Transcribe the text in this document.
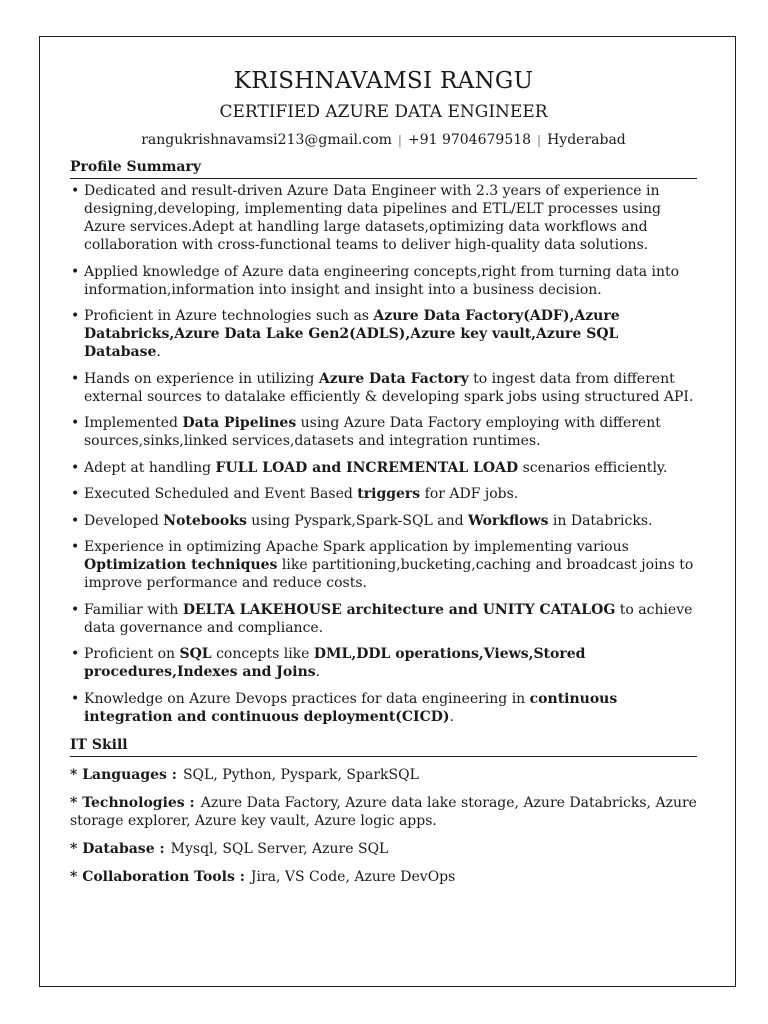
KRISHNAVAMSI RANGU
CERTIFIED AZURE DATA ENGINEER
rangukrishnavamsi213@gmail.com | +91 9704679518 | Hyderabad
Profile Summary
• Dedicated and result-driven Azure Data Engineer with 2.3 years of experience in designing,developing, implementing data pipelines and ETL/ELT processes using Azure services.Adept at handling large datasets,optimizing data workflows and collaboration with cross-functional teams to deliver high-quality data solutions.
• Applied knowledge of Azure data engineering concepts,right from turning data into information,information into insight and insight into a business decision.
• Proficient in Azure technologies such as Azure Data Factory(ADF),Azure Databricks,Azure Data Lake Gen2(ADLS),Azure key vault,Azure SQL Database.
• Hands on experience in utilizing Azure Data Factory to ingest data from different external sources to datalake efficiently & developing spark jobs using structured API.
• Implemented Data Pipelines using Azure Data Factory employing with different sources,sinks,linked services,datasets and integration runtimes.
• Adept at handling FULL LOAD and INCREMENTAL LOAD scenarios efficiently.
• Executed Scheduled and Event Based triggers for ADF jobs.
• Developed Notebooks using Pyspark,Spark-SQL and Workflows in Databricks.
• Experience in optimizing Apache Spark application by implementing various Optimization techniques like partitioning,bucketing,caching and broadcast joins to improve performance and reduce costs.
• Familiar with DELTA LAKEHOUSE architecture and UNITY CATALOG to achieve data governance and compliance.
• Proficient on SQL concepts like DML,DDL operations,Views,Stored procedures,Indexes and Joins.
• Knowledge on Azure Devops practices for data engineering in continuous integration and continuous deployment(CICD).
IT Skill
* Languages : SQL, Python, Pyspark, SparkSQL
* Technologies : Azure Data Factory, Azure data lake storage, Azure Databricks, Azure storage explorer, Azure key vault, Azure logic apps.
* Database : Mysql, SQL Server, Azure SQL
* Collaboration Tools : Jira, VS Code, Azure DevOps
